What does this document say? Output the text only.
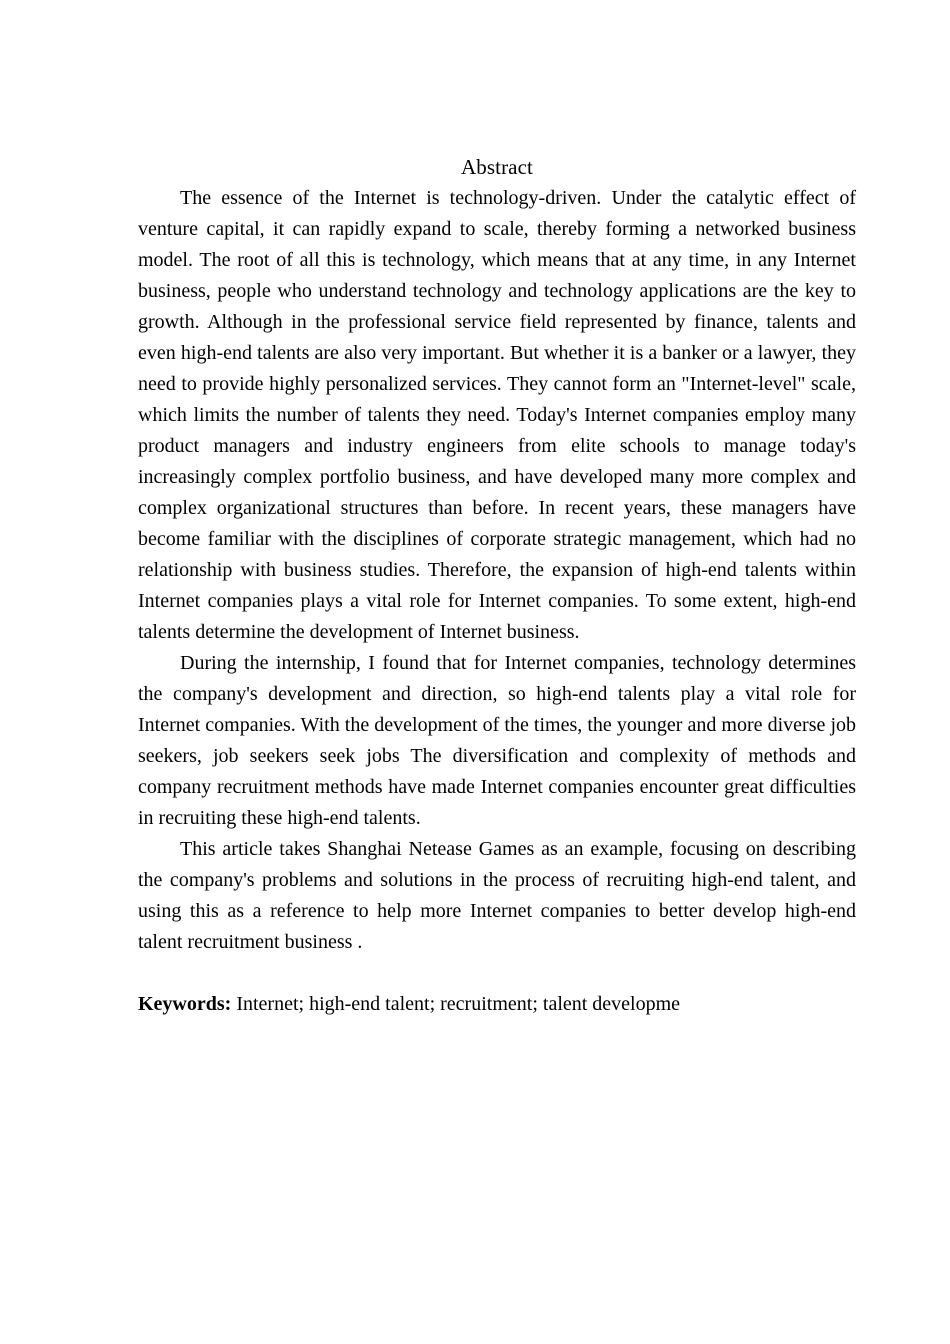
Abstract

The essence of the Internet is technology-driven. Under the catalytic effect of venture capital, it can rapidly expand to scale, thereby forming a networked business model. The root of all this is technology, which means that at any time, in any Internet business, people who understand technology and technology applications are the key to growth. Although in the professional service field represented by finance, talents and even high-end talents are also very important. But whether it is a banker or a lawyer, they need to provide highly personalized services. They cannot form an "Internet-level" scale, which limits the number of talents they need. Today's Internet companies employ many product managers and industry engineers from elite schools to manage today's increasingly complex portfolio business, and have developed many more complex and complex organizational structures than before. In recent years, these managers have become familiar with the disciplines of corporate strategic management, which had no relationship with business studies. Therefore, the expansion of high-end talents within Internet companies plays a vital role for Internet companies. To some extent, high-end talents determine the development of Internet business.

During the internship, I found that for Internet companies, technology determines the company's development and direction, so high-end talents play a vital role for Internet companies. With the development of the times, the younger and more diverse job seekers, job seekers seek jobs The diversification and complexity of methods and company recruitment methods have made Internet companies encounter great difficulties in recruiting these high-end talents.

This article takes Shanghai Netease Games as an example, focusing on describing the company's problems and solutions in the process of recruiting high-end talent, and using this as a reference to help more Internet companies to better develop high-end talent recruitment business .

Keywords: Internet; high-end talent; recruitment; talent developme
